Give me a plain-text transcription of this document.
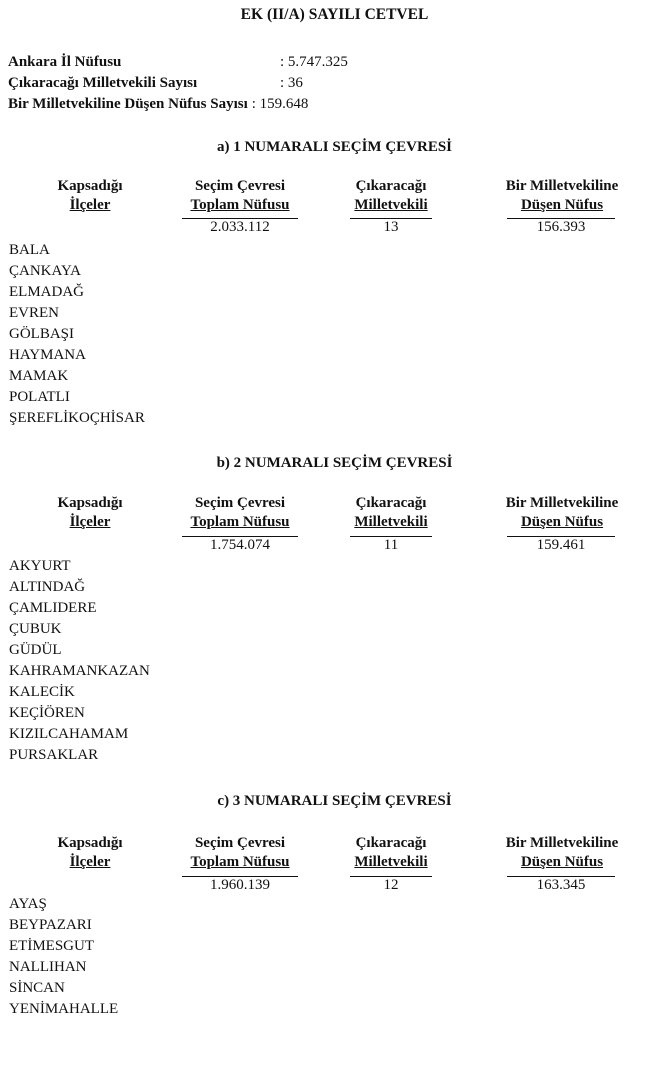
EK (II/A) SAYILI CETVEL
Ankara İl Nüfusu	: 5.747.325
Çıkaracağı Milletvekili Sayısı	: 36
Bir Milletvekiline Düşen Nüfus Sayısı : 159.648
a) 1 NUMARALI SEÇİM ÇEVRESİ
Kapsadığı
İlçeler
Seçim Çevresi
Toplam Nüfusu
2.033.112
Çıkaracağı
Milletvekili
13
Bir Milletvekiline
Düşen Nüfus
156.393
BALA
ÇANKAYA
ELMADAĞ
EVREN
GÖLBAŞI
HAYMANA
MAMAK
POLATLI
ŞEREFLİKOÇHİSAR
b) 2 NUMARALI SEÇİM ÇEVRESİ
Kapsadığı
İlçeler
Seçim Çevresi
Toplam Nüfusu
1.754.074
Çıkaracağı
Milletvekili
11
Bir Milletvekiline
Düşen Nüfus
159.461
AKYURT
ALTINDAĞ
ÇAMLIDERE
ÇUBUK
GÜDÜL
KAHRAMANKAZAN
KALECİK
KEÇİÖREN
KIZILCAHAMAM
PURSAKLAR
c) 3 NUMARALI SEÇİM ÇEVRESİ
Kapsadığı
İlçeler
Seçim Çevresi
Toplam Nüfusu
1.960.139
Çıkaracağı
Milletvekili
12
Bir Milletvekiline
Düşen Nüfus
163.345
AYAŞ
BEYPAZARI
ETİMESGUT
NALLIHAN
SİNCAN
YENİMAHALLE
